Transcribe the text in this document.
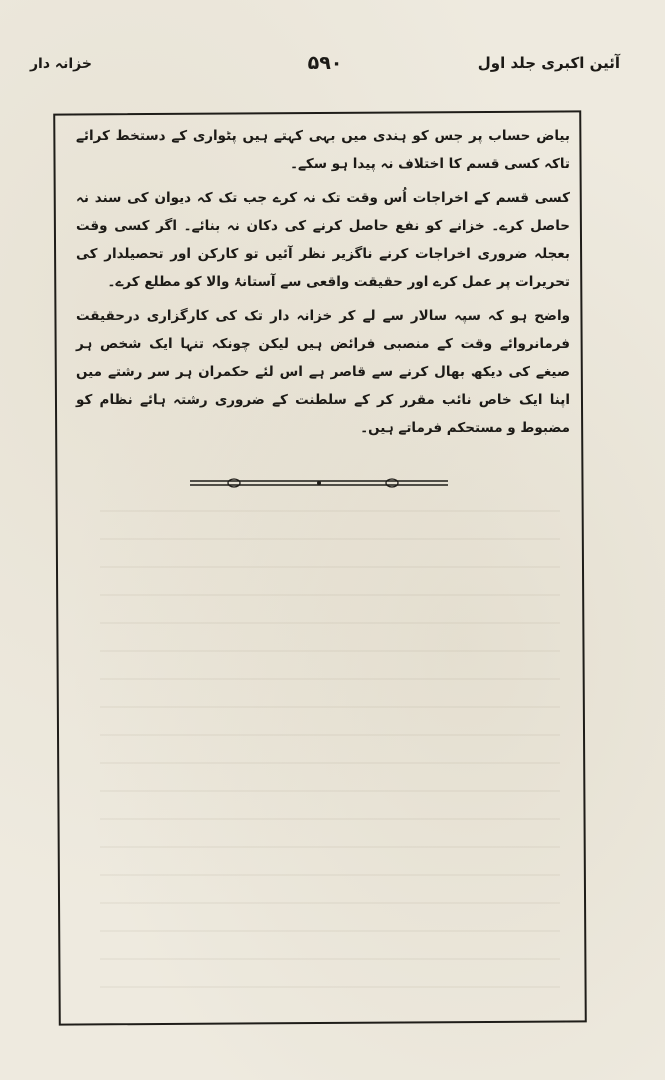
آئین اکبری جلد اول
۵۹۰
خزانہ دار

بیاض حساب پر جس کو ہندی میں بہی کہتے ہیں پٹواری کے دستخط کرائے تاکہ کسی قسم کا اختلاف نہ پیدا ہو سکے۔

کسی قسم کے اخراجات اُس وقت تک نہ کرے جب تک کہ دیوان کی سند نہ حاصل کرے۔ خزانے کو نفع حاصل کرنے کی دکان نہ بنائے۔ اگر کسی وقت بعجلہ ضروری اخراجات کرنے ناگزیر نظر آئیں تو کارکن اور تحصیلدار کی تحریرات پر عمل کرے اور حقیقت واقعی سے آستانۂ والا کو مطلع کرے۔

واضح ہو کہ سپہ سالار سے لے کر خزانہ دار تک کی کارگزاری درحقیقت فرمانروائے وقت کے منصبی فرائض ہیں لیکن چونکہ تنہا ایک شخص ہر صیغے کی دیکھ بھال کرنے سے قاصر ہے اس لئے حکمران ہر سر رشتے میں اپنا ایک خاص نائب مقرر کر کے سلطنت کے ضروری رشتہ ہائے نظام کو مضبوط و مستحکم فرماتے ہیں۔
